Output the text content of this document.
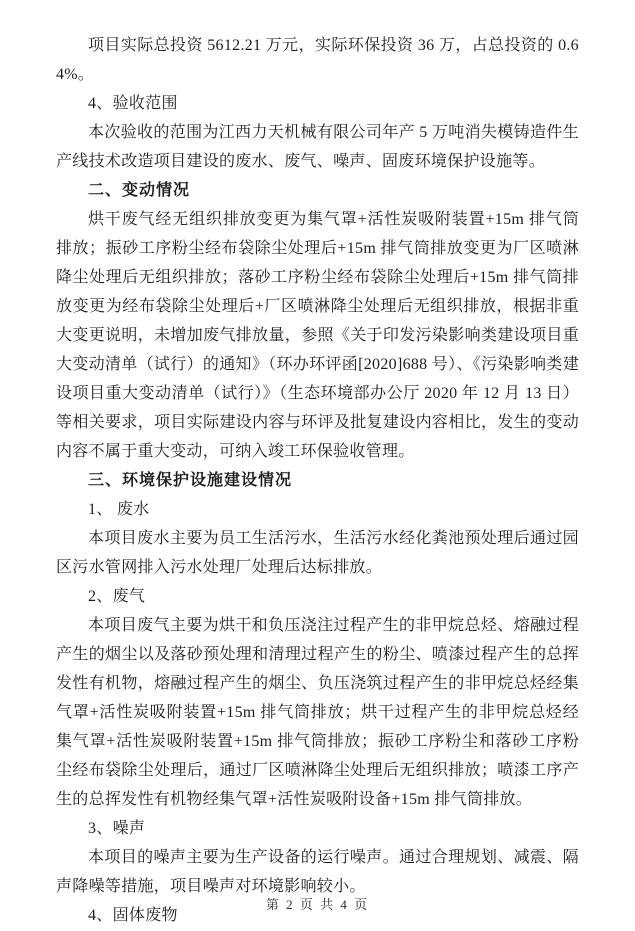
项目实际总投资 5612.21 万元，实际环保投资 36 万，占总投资的 0.64%。

4、验收范围

本次验收的范围为江西力天机械有限公司年产 5 万吨消失模铸造件生产线技术改造项目建设的废水、废气、噪声、固废环境保护设施等。

二、变动情况

烘干废气经无组织排放变更为集气罩+活性炭吸附装置+15m 排气筒排放；振砂工序粉尘经布袋除尘处理后+15m 排气筒排放变更为厂区喷淋降尘处理后无组织排放；落砂工序粉尘经布袋除尘处理后+15m 排气筒排放变更为经布袋除尘处理后+厂区喷淋降尘处理后无组织排放，根据非重大变更说明，未增加废气排放量，参照《关于印发污染影响类建设项目重大变动清单（试行）的通知》（环办环评函[2020]688 号）、《污染影响类建设项目重大变动清单（试行）》（生态环境部办公厅 2020 年 12 月 13 日）等相关要求，项目实际建设内容与环评及批复建设内容相比，发生的变动内容不属于重大变动，可纳入竣工环保验收管理。

三、环境保护设施建设情况

1、 废水

本项目废水主要为员工生活污水，生活污水经化粪池预处理后通过园区污水管网排入污水处理厂处理后达标排放。

2、废气

本项目废气主要为烘干和负压浇注过程产生的非甲烷总烃、熔融过程产生的烟尘以及落砂预处理和清理过程产生的粉尘、喷漆过程产生的总挥发性有机物，熔融过程产生的烟尘、负压浇筑过程产生的非甲烷总烃经集气罩+活性炭吸附装置+15m 排气筒排放；烘干过程产生的非甲烷总烃经集气罩+活性炭吸附装置+15m 排气筒排放；振砂工序粉尘和落砂工序粉尘经布袋除尘处理后，通过厂区喷淋降尘处理后无组织排放；喷漆工序产生的总挥发性有机物经集气罩+活性炭吸附设备+15m 排气筒排放。

3、噪声

本项目的噪声主要为生产设备的运行噪声。通过合理规划、减震、隔声降噪等措施，项目噪声对环境影响较小。

4、固体废物

第 2 页 共 4 页
